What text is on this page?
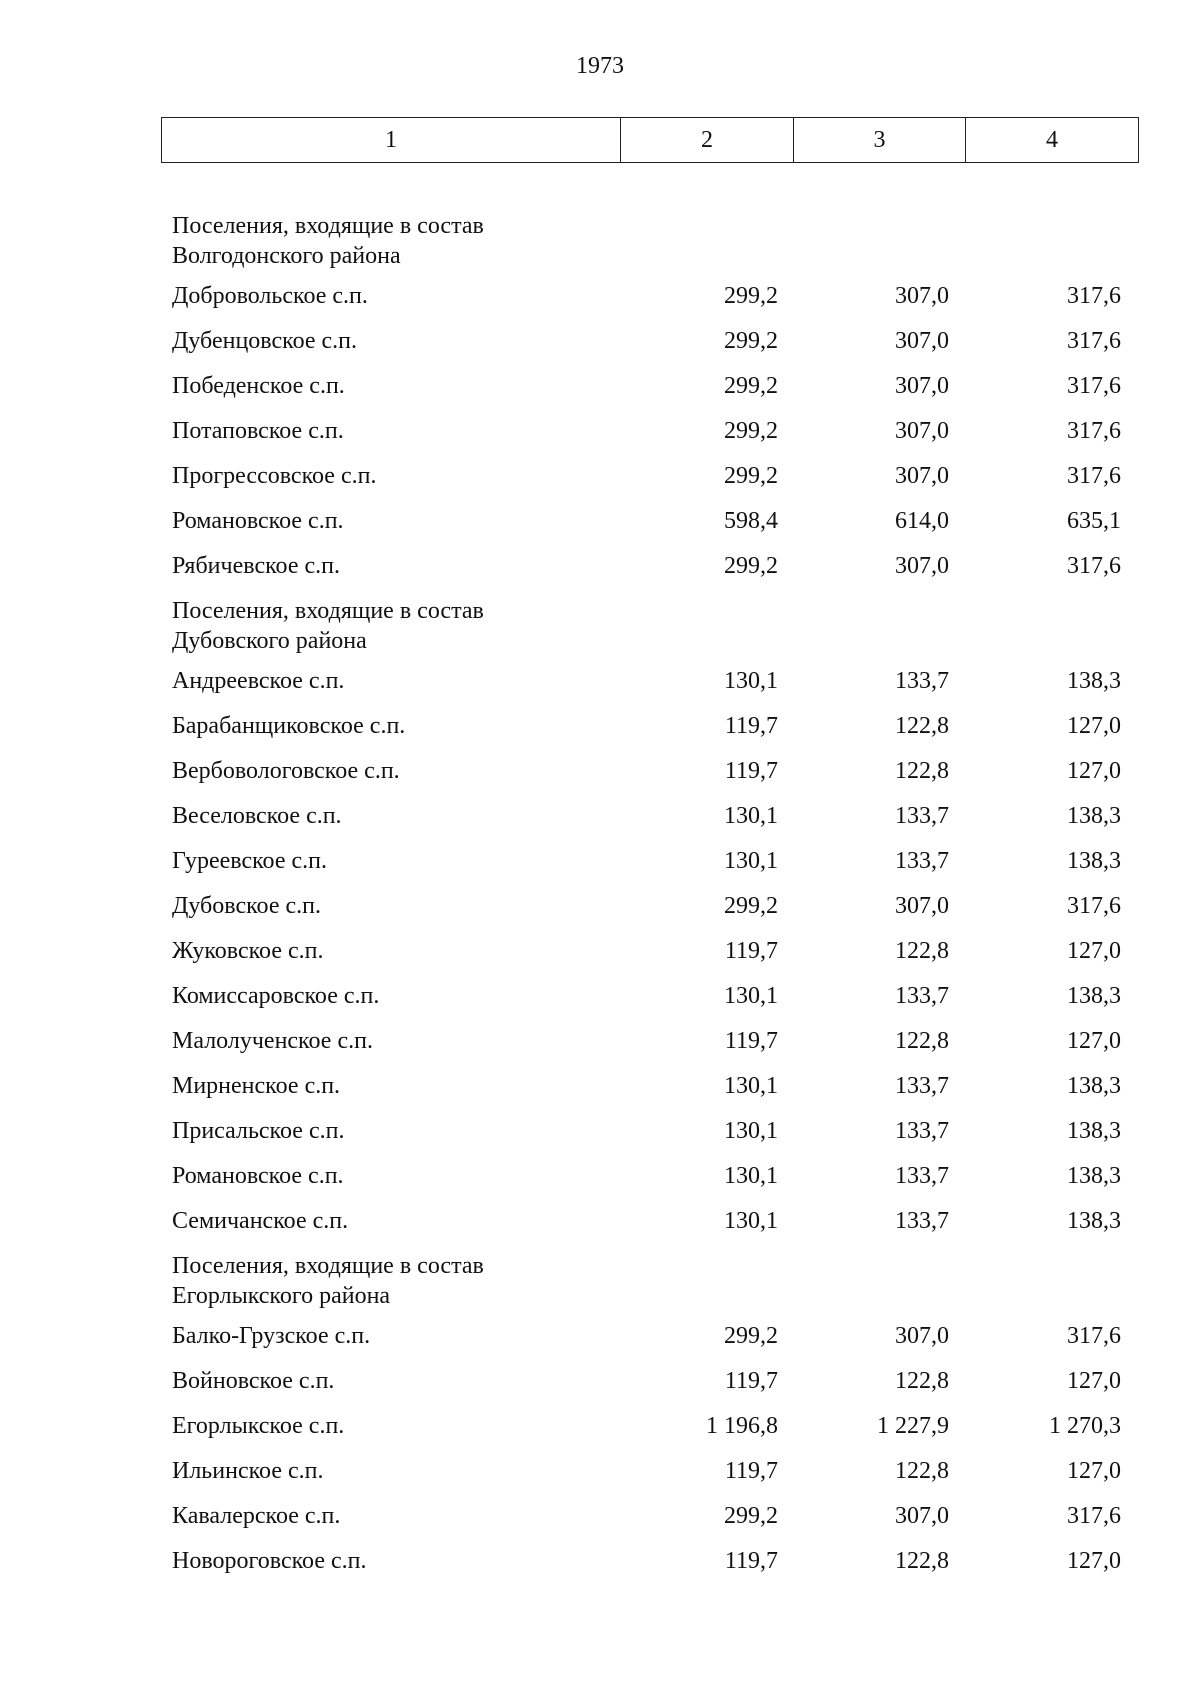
1973
1	2	3	4
Поселения, входящие в состав
Волгодонского района
Добровольское с.п.	299,2	307,0	317,6
Дубенцовское с.п.	299,2	307,0	317,6
Победенское с.п.	299,2	307,0	317,6
Потаповское с.п.	299,2	307,0	317,6
Прогрессовское с.п.	299,2	307,0	317,6
Романовское с.п.	598,4	614,0	635,1
Рябичевское с.п.	299,2	307,0	317,6
Поселения, входящие в состав
Дубовского района
Андреевское с.п.	130,1	133,7	138,3
Барабанщиковское с.п.	119,7	122,8	127,0
Вербовологовское с.п.	119,7	122,8	127,0
Веселовское с.п.	130,1	133,7	138,3
Гуреевское с.п.	130,1	133,7	138,3
Дубовское с.п.	299,2	307,0	317,6
Жуковское с.п.	119,7	122,8	127,0
Комиссаровское с.п.	130,1	133,7	138,3
Малолученское с.п.	119,7	122,8	127,0
Мирненское с.п.	130,1	133,7	138,3
Присальское с.п.	130,1	133,7	138,3
Романовское с.п.	130,1	133,7	138,3
Семичанское с.п.	130,1	133,7	138,3
Поселения, входящие в состав
Егорлыкского района
Балко-Грузское с.п.	299,2	307,0	317,6
Войновское с.п.	119,7	122,8	127,0
Егорлыкское с.п.	1 196,8	1 227,9	1 270,3
Ильинское с.п.	119,7	122,8	127,0
Кавалерское с.п.	299,2	307,0	317,6
Новороговское с.п.	119,7	122,8	127,0
